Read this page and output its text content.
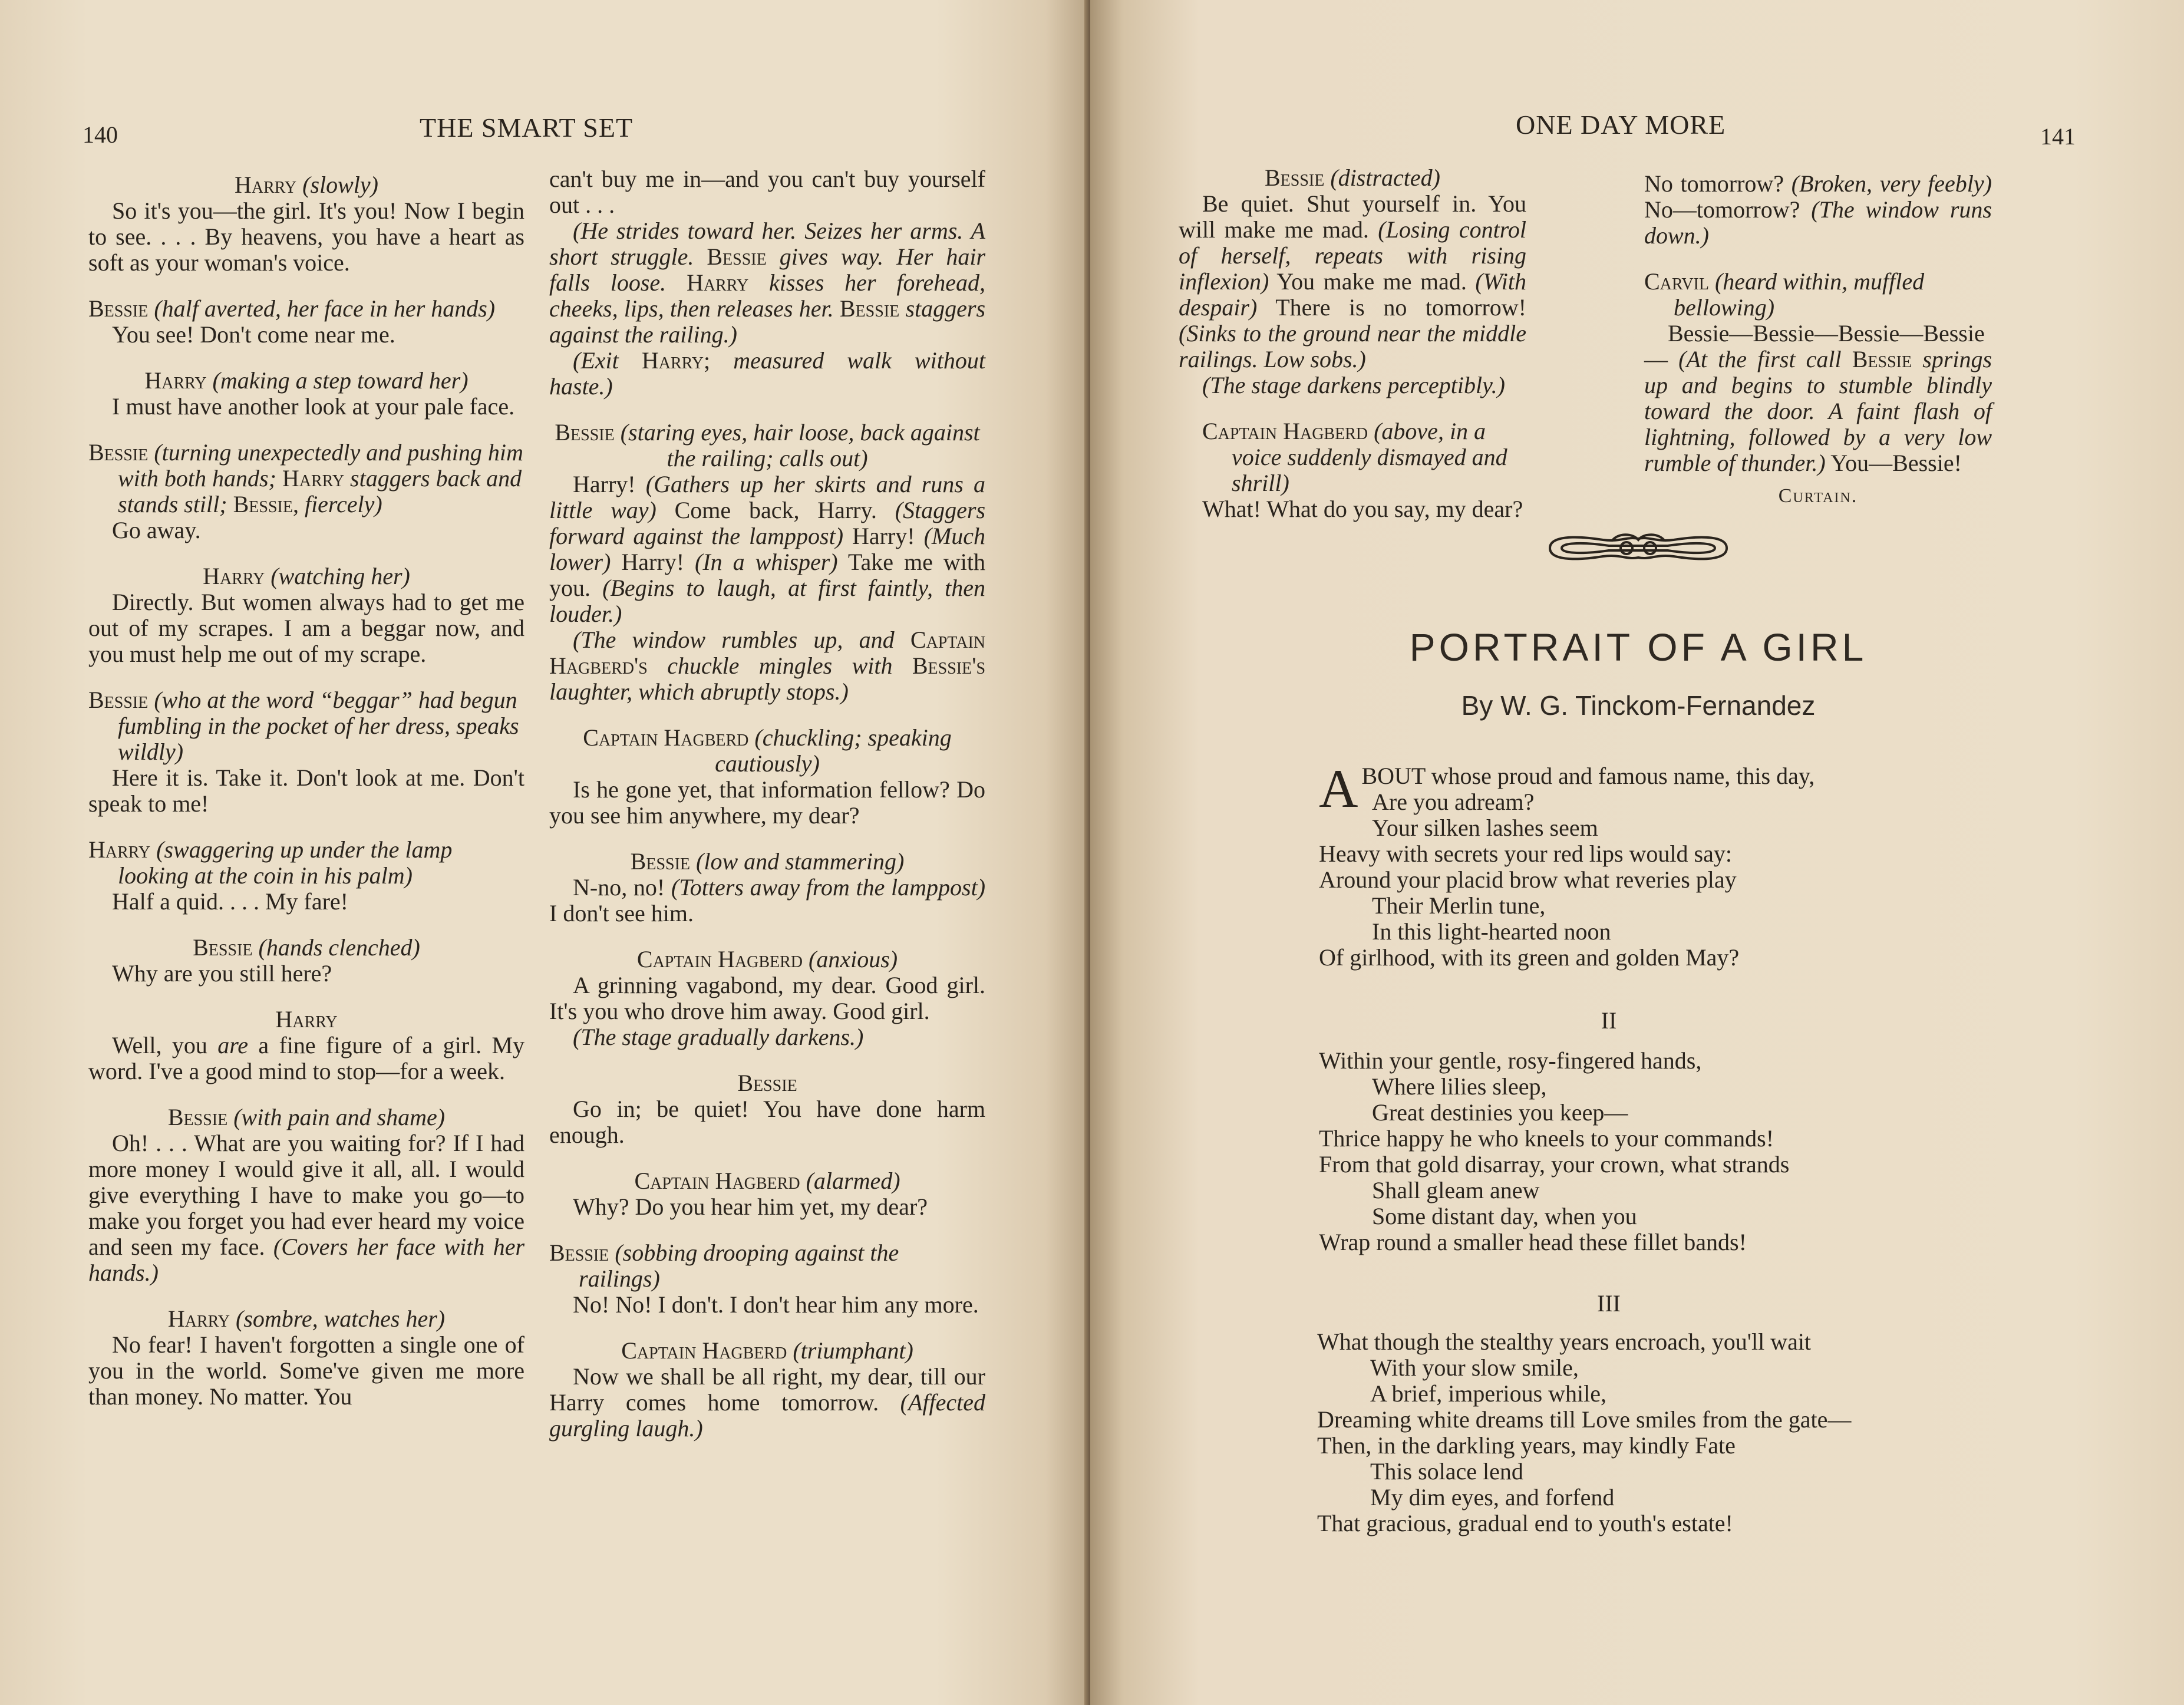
140	THE SMART SET
Harry (slowly)

So it's you—the girl. It's you! Now I begin to see. . . . By heavens, you have a heart as soft as your woman's voice.

Bessie (half averted, her face in her hands)

You see! Don't come near me.

Harry (making a step toward her)

I must have another look at your pale face.

Bessie (turning unexpectedly and pushing him with both hands; Harry staggers back and stands still; Bessie, fiercely)

Go away.

Harry (watching her)

Directly. But women always had to get me out of my scrapes. I am a beggar now, and you must help me out of my scrape.

Bessie (who at the word “beggar” had begun fumbling in the pocket of her dress, speaks wildly)

Here it is. Take it. Don't look at me. Don't speak to me!

Harry (swaggering up under the lamp looking at the coin in his palm)

Half a quid. . . . My fare!

Bessie (hands clenched)

Why are you still here?

Harry

Well, you are a fine figure of a girl. My word. I've a good mind to stop—for a week.

Bessie (with pain and shame)

Oh! . . . What are you waiting for? If I had more money I would give it all, all. I would give everything I have to make you go—to make you forget you had ever heard my voice and seen my face. (Covers her face with her hands.)

Harry (sombre, watches her)

No fear! I haven't forgotten a single one of you in the world. Some've given me more than money. No matter. You

can't buy me in—and you can't buy yourself out . . .

(He strides toward her. Seizes her arms. A short struggle. Bessie gives way. Her hair falls loose. Harry kisses her forehead, cheeks, lips, then releases her. Bessie staggers against the railing.)

(Exit Harry; measured walk without haste.)

Bessie (staring eyes, hair loose, back against the railing; calls out)

Harry! (Gathers up her skirts and runs a little way) Come back, Harry. (Staggers forward against the lamppost) Harry! (Much lower) Harry! (In a whisper) Take me with you. (Begins to laugh, at first faintly, then louder.)

(The window rumbles up, and Captain Hagberd's chuckle mingles with Bessie's laughter, which abruptly stops.)

Captain Hagberd (chuckling; speaking cautiously)

Is he gone yet, that information fellow? Do you see him anywhere, my dear?

Bessie (low and stammering)

N-no, no! (Totters away from the lamppost) I don't see him.

Captain Hagberd (anxious)

A grinning vagabond, my dear. Good girl. It's you who drove him away. Good girl.

(The stage gradually darkens.)

Bessie

Go in; be quiet! You have done harm enough.

Captain Hagberd (alarmed)

Why? Do you hear him yet, my dear?

Bessie (sobbing drooping against the railings)

No! No! I don't. I don't hear him any more.

Captain Hagberd (triumphant)

Now we shall be all right, my dear, till our Harry comes home tomorrow. (Affected gurgling laugh.)

ONE DAY MORE	141
Bessie (distracted)

Be quiet. Shut yourself in. You will make me mad. (Losing control of herself, repeats with rising inflexion) You make me mad. (With despair) There is no tomorrow! (Sinks to the ground near the middle railings. Low sobs.)

(The stage darkens perceptibly.)

Captain Hagberd (above, in a voice suddenly dismayed and shrill)

What! What do you say, my dear?

No tomorrow? (Broken, very feebly) No—tomorrow? (The window runs down.)

Carvil (heard within, muffled bellowing)

Bessie—Bessie—Bessie—Bessie— (At the first call Bessie springs up and begins to stumble blindly toward the door. A faint flash of lightning, followed by a very low rumble of thunder.) You—Bessie!

Curtain.
PORTRAIT OF A GIRL
By W. G. Tinckom-Fernandez
ABOUT whose proud and famous name, this day,
Are you adream?
Your silken lashes seem
Heavy with secrets your red lips would say:
Around your placid brow what reveries play
Their Merlin tune,
In this light-hearted noon
Of girlhood, with its green and golden May?
II
Within your gentle, rosy-fingered hands,
Where lilies sleep,
Great destinies you keep—
Thrice happy he who kneels to your commands!
From that gold disarray, your crown, what strands
Shall gleam anew
Some distant day, when you
Wrap round a smaller head these fillet bands!
III
What though the stealthy years encroach, you'll wait
With your slow smile,
A brief, imperious while,
Dreaming white dreams till Love smiles from the gate—
Then, in the darkling years, may kindly Fate
This solace lend
My dim eyes, and forfend
That gracious, gradual end to youth's estate!
